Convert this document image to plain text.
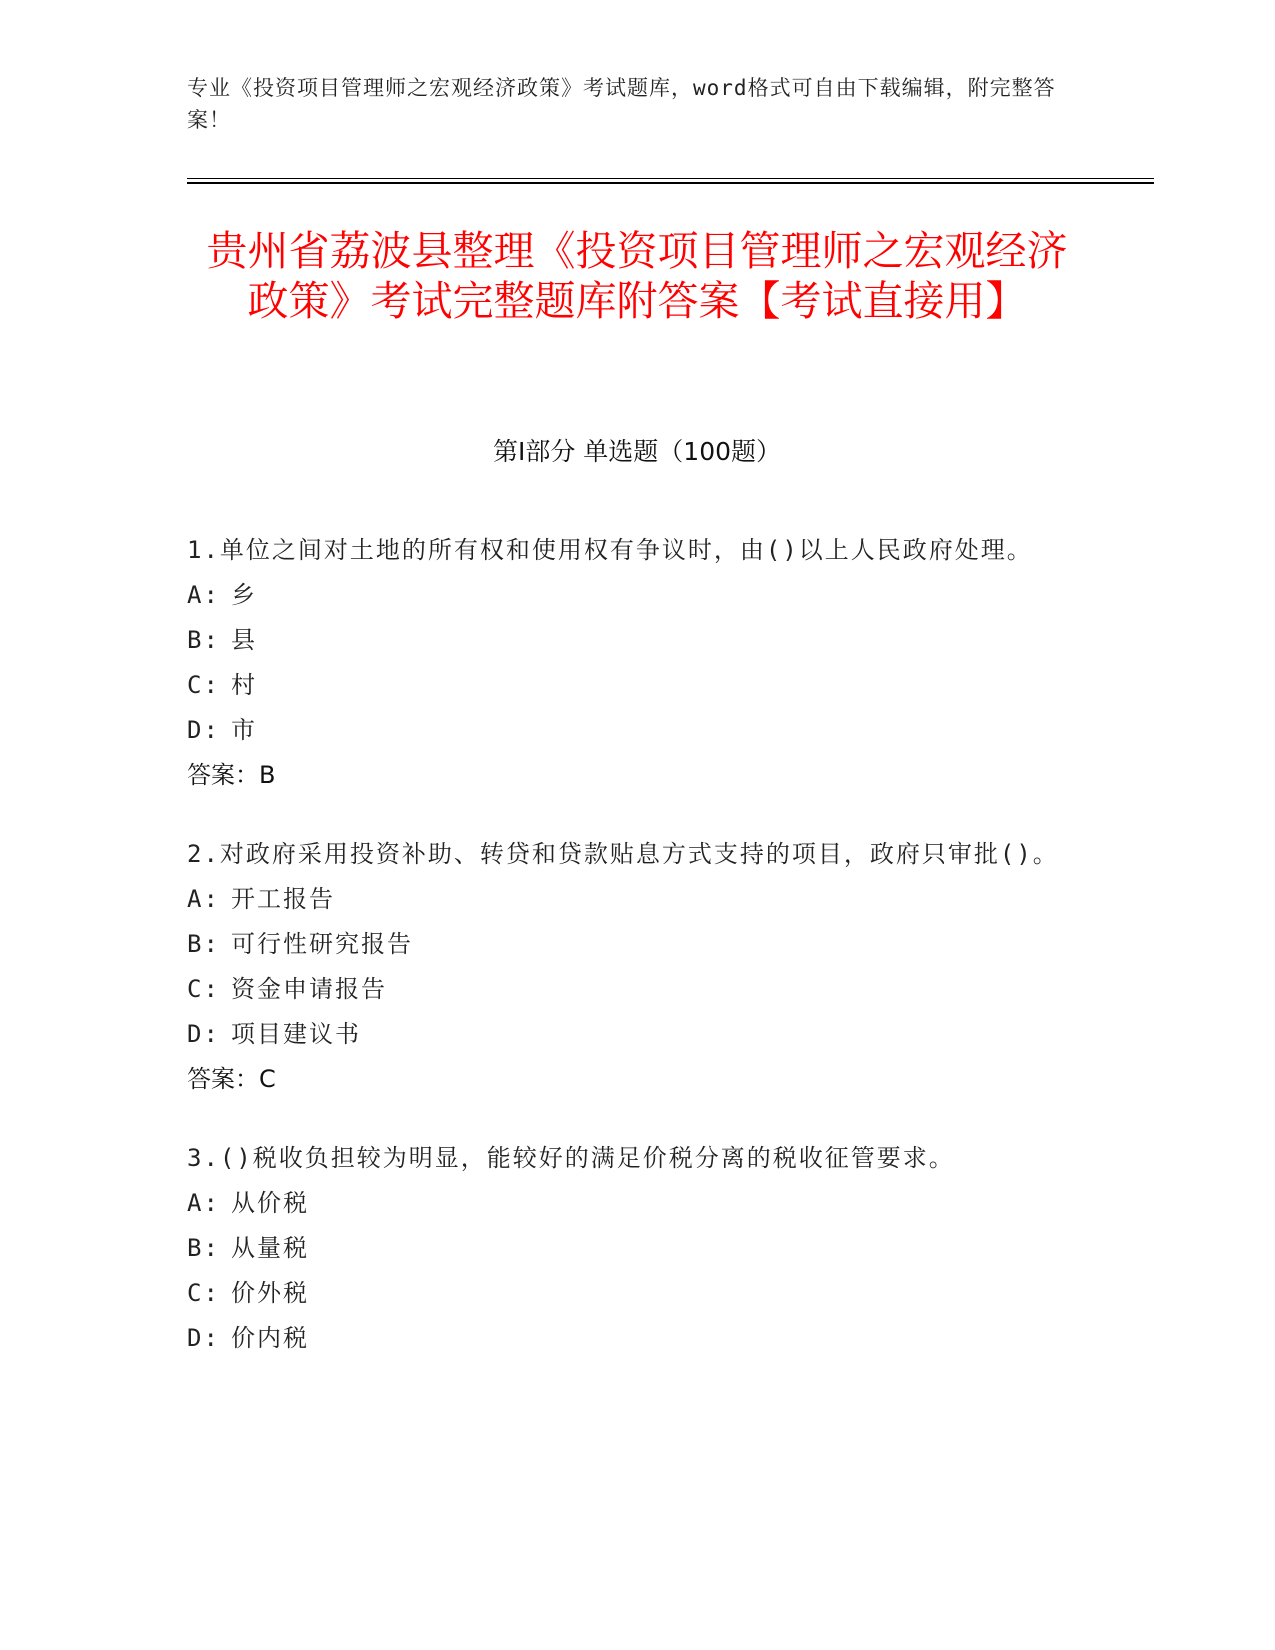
专业《投资项目管理师之宏观经济政策》考试题库，word格式可自由下载编辑，附完整答案！
贵州省荔波县整理《投资项目管理师之宏观经济政策》考试完整题库附答案【考试直接用】
第Ⅰ部分 单选题（100题）

1.单位之间对土地的所有权和使用权有争议时，由()以上人民政府处理。

A: 乡

B: 县

C: 村

D: 市

答案：B

2.对政府采用投资补助、转贷和贷款贴息方式支持的项目，政府只审批()。

A: 开工报告

B: 可行性研究报告

C: 资金申请报告

D: 项目建议书

答案：C

3.()税收负担较为明显，能较好的满足价税分离的税收征管要求。

A: 从价税

B: 从量税

C: 价外税

D: 价内税
